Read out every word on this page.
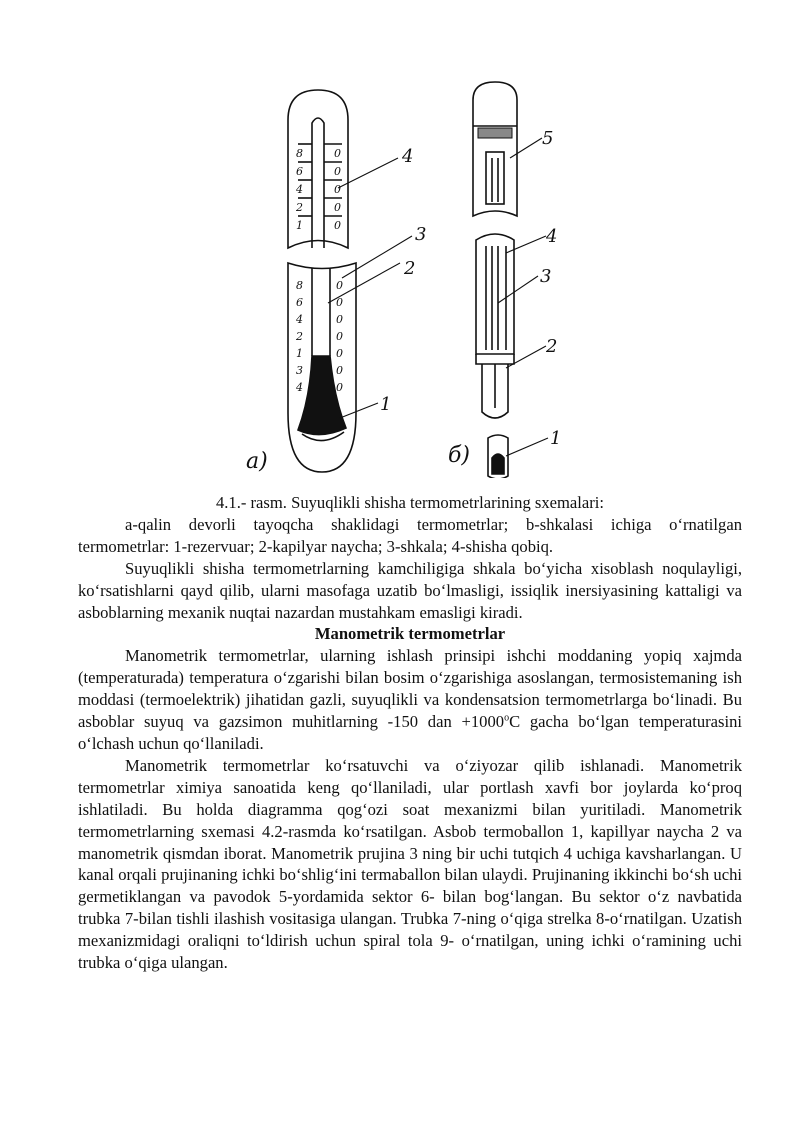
8
6
4
2
1
0
0
0
0
0
8
6
4
2
1
3
4
0
0
0
0
0
0
0
4
3
2
1
a)
5
4
3
2
1
б)

4.1.- rasm. Suyuqlikli shisha termometrlarining sxemalari:

a-qalin devorli tayoqcha shaklidagi termometrlar; b-shkalasi ichiga oʻrnatilgan termometrlar: 1-rezervuar; 2-kapilyar naycha; 3-shkala; 4-shisha qobiq.

Suyuqlikli shisha termometrlarning kamchiligiga shkala boʻyicha xisoblash noqulayligi, koʻrsatishlarni qayd qilib, ularni masofaga uzatib boʻlmasligi, issiqlik inersiyasining kattaligi va asboblarning mexanik nuqtai nazardan mustahkam emasligi kiradi.

Manometrik termometrlar

Manometrik termometrlar, ularning ishlash prinsipi ishchi moddaning yopiq xajmda (temperaturada) temperatura oʻzgarishi bilan bosim oʻzgarishiga asoslangan, termosistemaning ish moddasi (termoelektrik) jihatidan gazli, suyuqlikli va kondensatsion termometrlarga boʻlinadi. Bu asboblar suyuq va gazsimon muhitlarning -150 dan $+1000^oC$ gacha boʻlgan temperaturasini oʻlchash uchun qoʻllaniladi.

Manometrik termometrlar koʻrsatuvchi va oʻziyozar qilib ishlanadi. Manometrik termometrlar ximiya sanoatida keng qoʻllaniladi, ular portlash xavfi bor joylarda koʻproq ishlatiladi. Bu holda diagramma qogʻozi soat mexanizmi bilan yuritiladi. Manometrik termometrlarning sxemasi 4.2-rasmda koʻrsatilgan. Asbob termoballon 1, kapillyar naycha 2 va manometrik qismdan iborat. Manometrik prujina 3 ning bir uchi tutqich 4 uchiga kavsharlangan. U kanal orqali prujinaning ichki boʻshligʻini termaballon bilan ulaydi. Prujinaning ikkinchi boʻsh uchi germetiklangan va pavodok 5-yordamida sektor 6- bilan bogʻlangan. Bu sektor oʻz navbatida trubka 7-bilan tishli ilashish vositasiga ulangan. Trubka 7-ning oʻqiga strelka 8-oʻrnatilgan. Uzatish mexanizmidagi oraliqni toʻldirish uchun spiral tola 9- oʻrnatilgan, uning ichki oʻramining uchi trubka oʻqiga ulangan.
